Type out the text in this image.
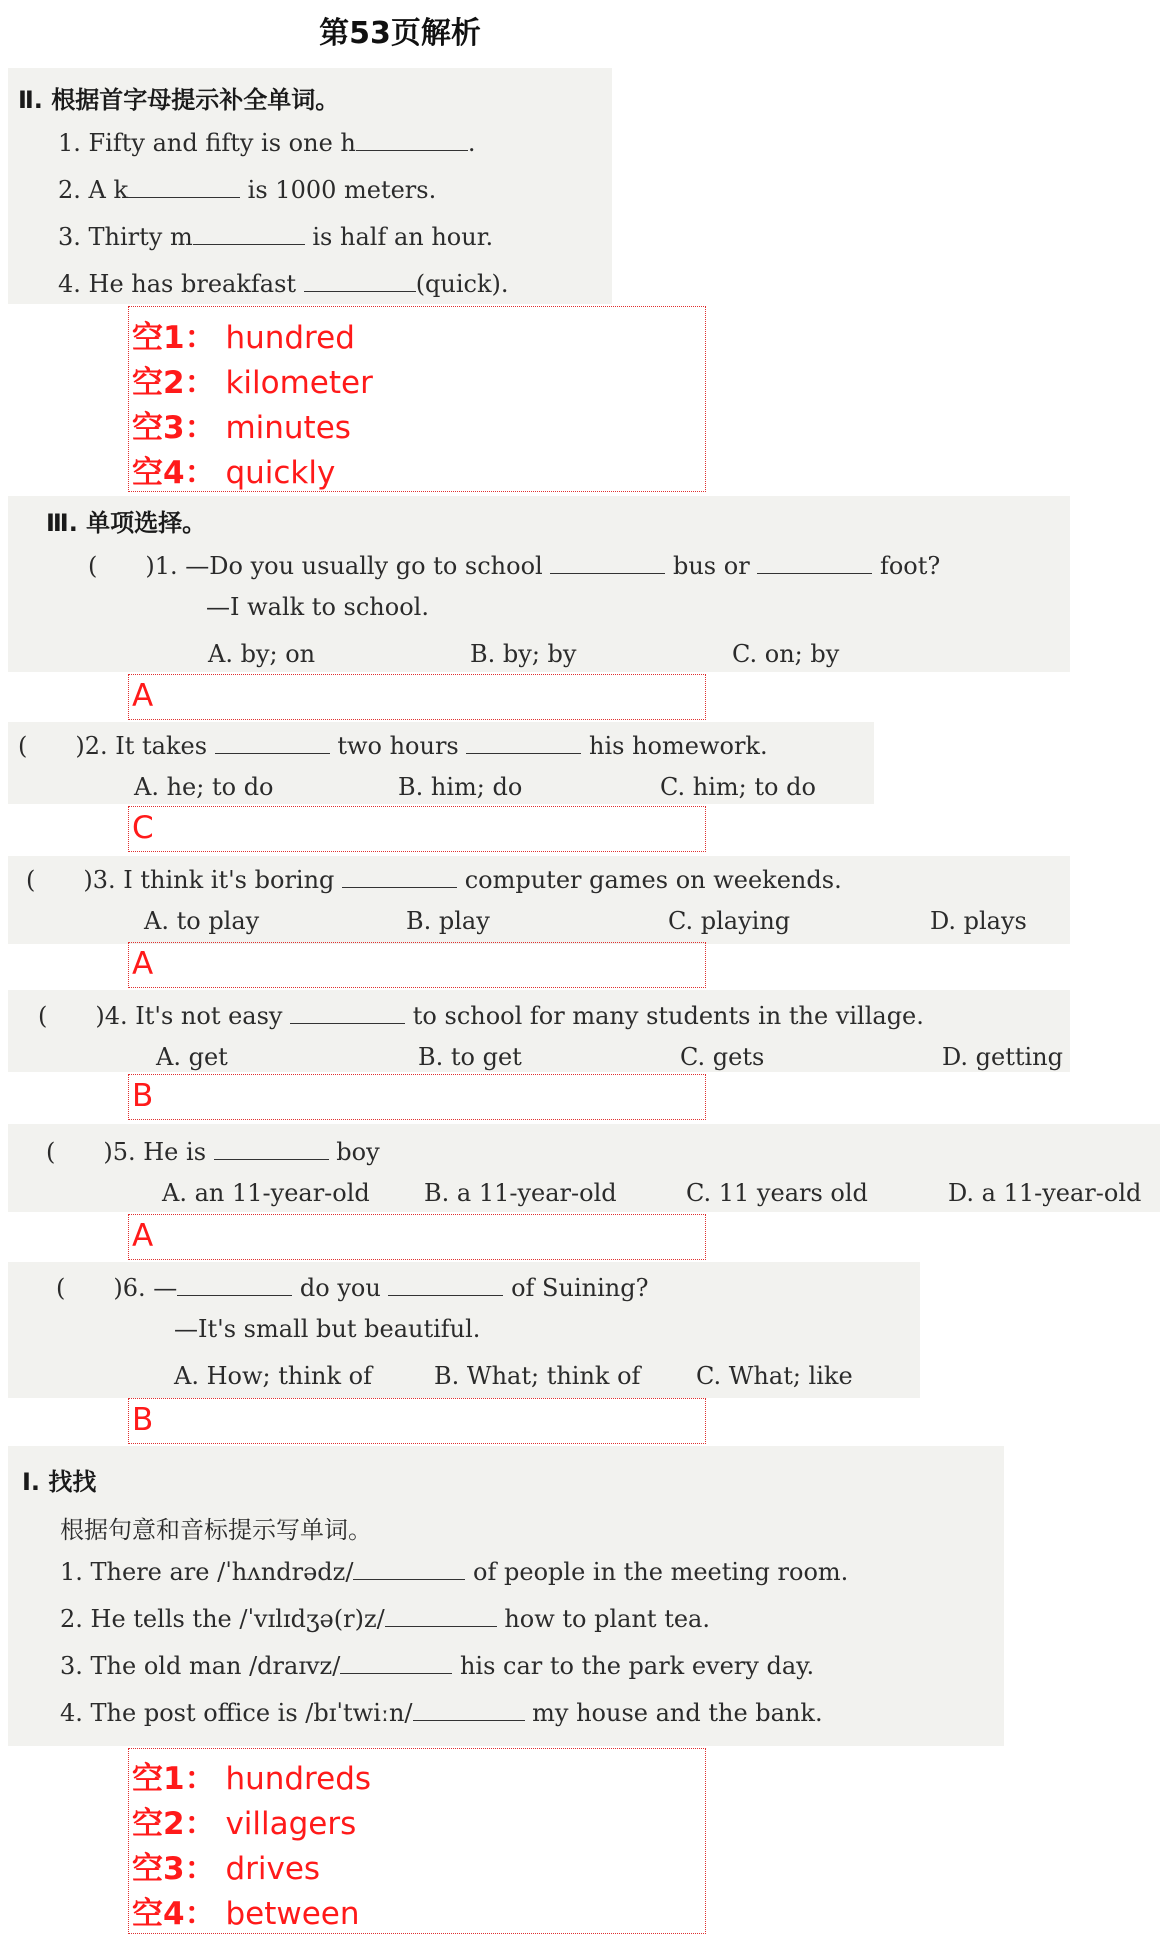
第53页解析
Ⅱ. 根据首字母提示补全单词。
1. Fifty and fifty is one h	.
2. A k	is 1000 meters.
3. Thirty m	is half an hour.
4. He has breakfast	(quick).
空1： hundred
空2： kilometer
空3： minutes
空4： quickly
Ⅲ. 单项选择。
(　　)1. —Do you usually go to school	bus or	foot?
—I walk to school.
A. by; on	B. by; by	C. on; by
A
(　　)2. It takes	two hours	his homework.
A. he; to do	B. him; do	C. him; to do
C
(　　)3. I think it's boring	computer games on weekends.
A. to play	B. play	C. playing	D. plays
A
(　　)4. It's not easy	to school for many students in the village.
A. get	B. to get	C. gets	D. getting
B
(　　)5. He is	boy
A. an 11-year-old B. a 11-year-old	C. 11 years old	D. a 11-year-old
A
(　　)6. —	do you	of Suining?
—It's small but beautiful.
A. How; think of	B. What; think of C. What; like
B
Ⅰ. 找找
根据句意和音标提示写单词。
1. There are /ˈhʌndrədz/	of people in the meeting room.
2. He tells the /ˈvɪlɪdʒə(r)z/	how to plant tea.
3. The old man /draɪvz/	his car to the park every day.
4. The post office is /bɪˈtwiːn/	my house and the bank.
空1： hundreds
空2： villagers
空3： drives
空4： between
